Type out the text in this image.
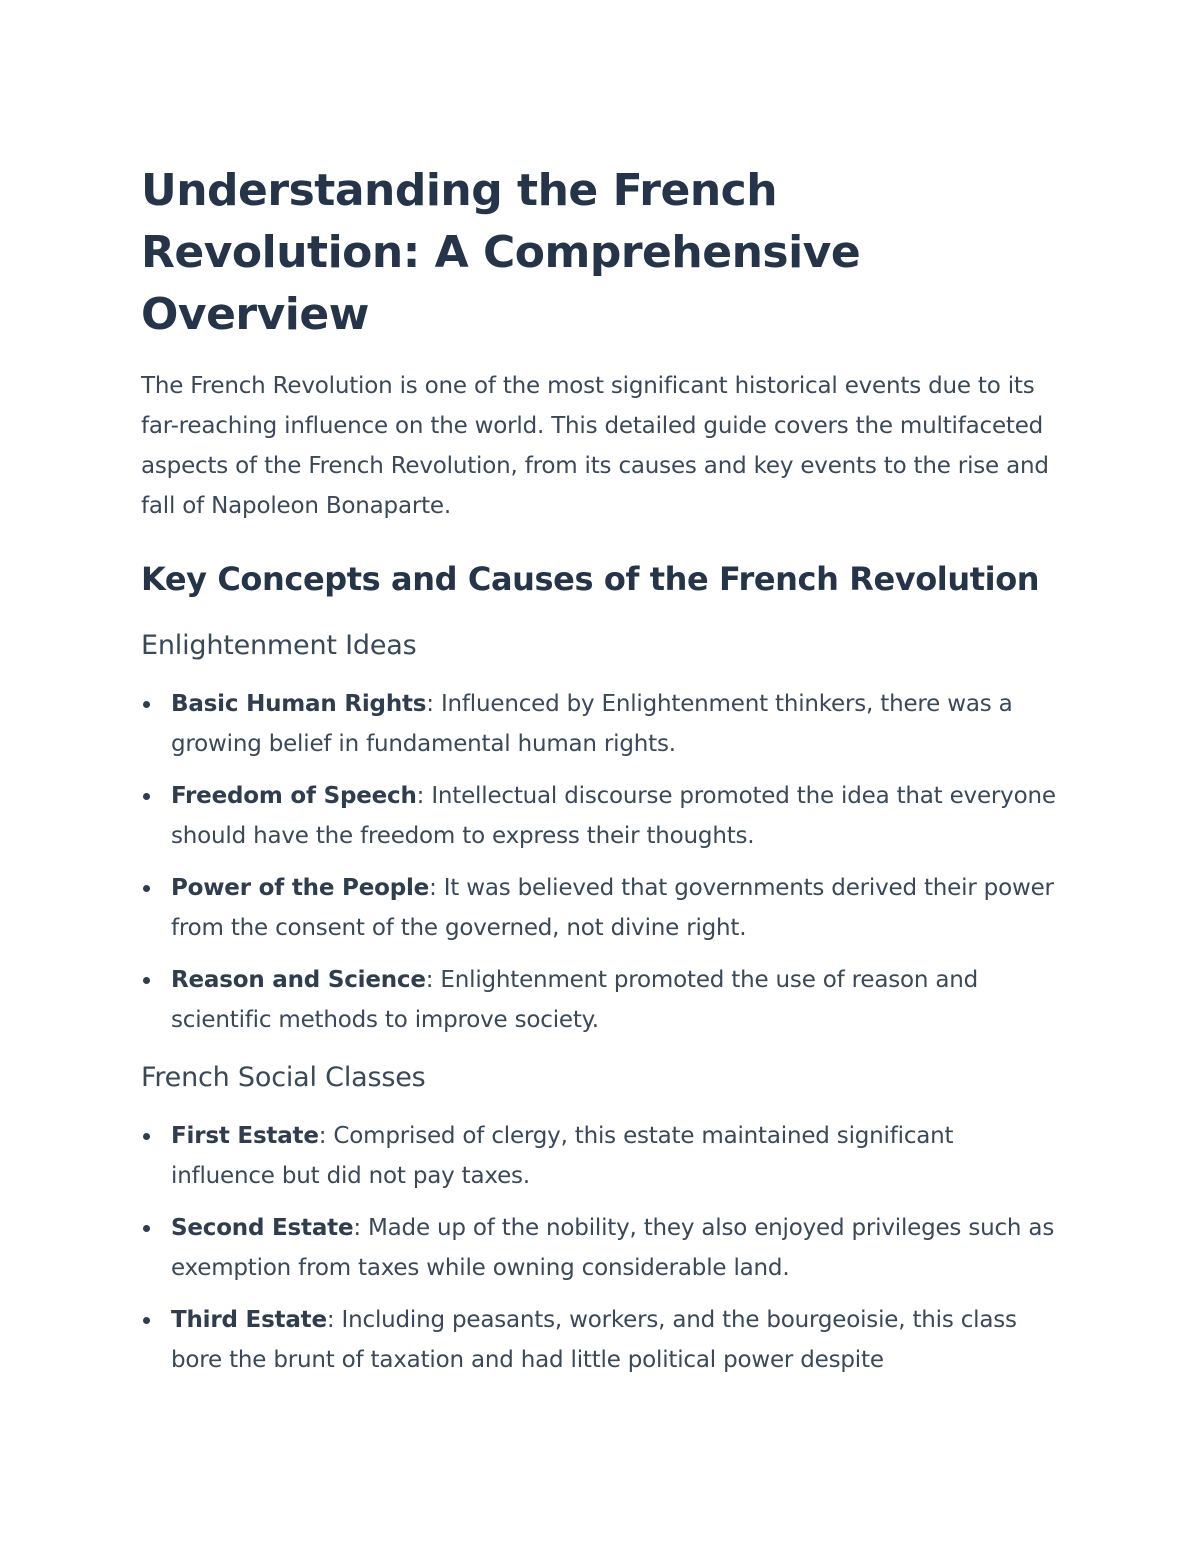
Understanding the French Revolution: A Comprehensive Overview

The French Revolution is one of the most significant historical events due to its far-reaching influence on the world. This detailed guide covers the multifaceted aspects of the French Revolution, from its causes and key events to the rise and fall of Napoleon Bonaparte.

Key Concepts and Causes of the French Revolution
Enlightenment Ideas
Basic Human Rights: Influenced by Enlightenment thinkers, there was a growing belief in fundamental human rights.
Freedom of Speech: Intellectual discourse promoted the idea that everyone should have the freedom to express their thoughts.
Power of the People: It was believed that governments derived their power from the consent of the governed, not divine right.
Reason and Science: Enlightenment promoted the use of reason and scientific methods to improve society.
French Social Classes
First Estate: Comprised of clergy, this estate maintained significant influence but did not pay taxes.
Second Estate: Made up of the nobility, they also enjoyed privileges such as exemption from taxes while owning considerable land.
Third Estate: Including peasants, workers, and the bourgeoisie, this class bore the brunt of taxation and had little political power despite
